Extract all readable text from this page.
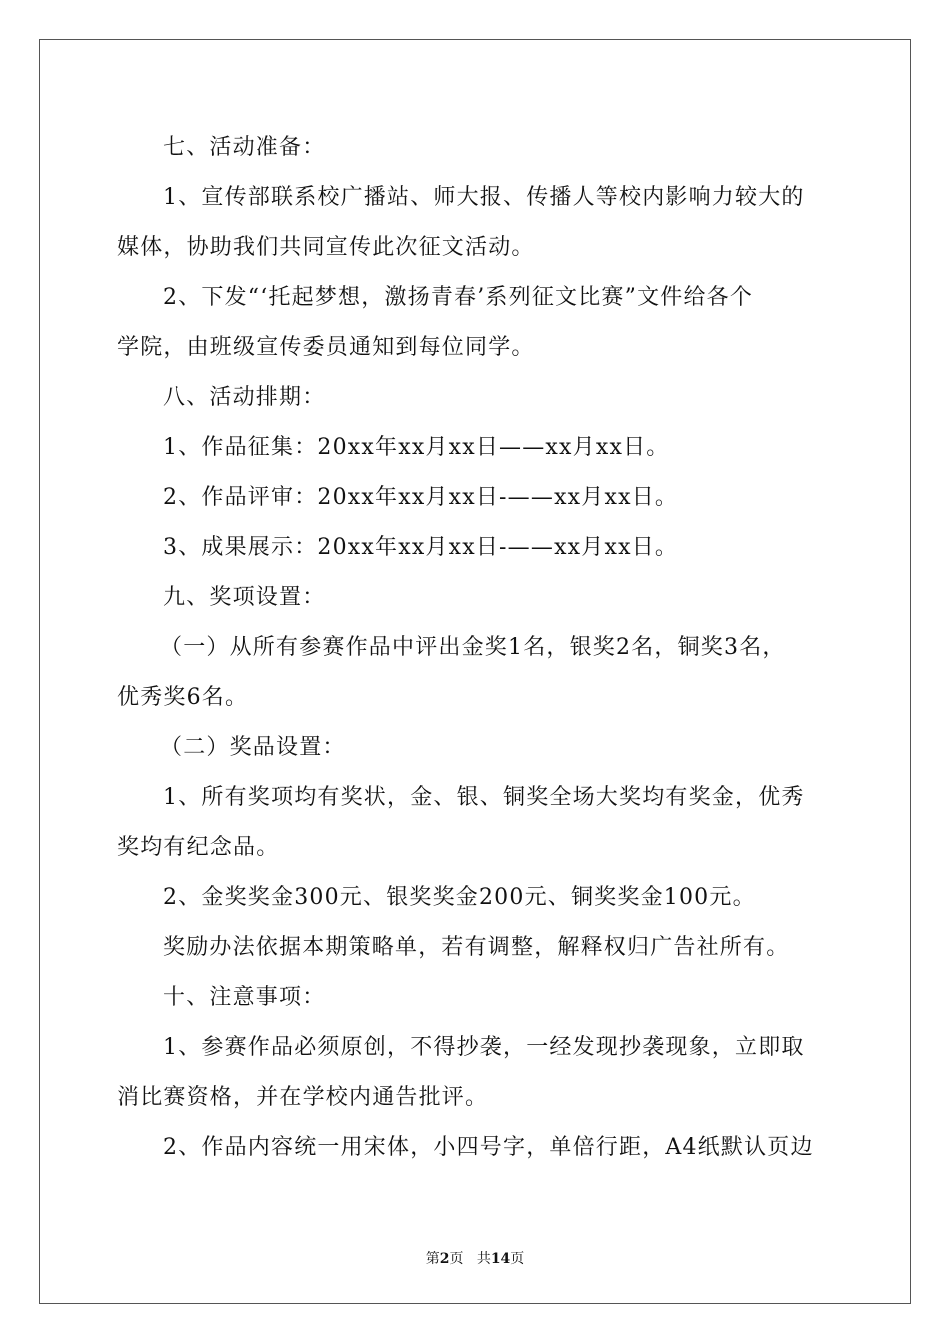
七、活动准备：

1、宣传部联系校广播站、师大报、传播人等校内影响力较大的

媒体，协助我们共同宣传此次征文活动。

2、下发“‘托起梦想，激扬青春’系列征文比赛”文件给各个

学院，由班级宣传委员通知到每位同学。

八、活动排期：

1、作品征集：20xx年xx月xx日——xx月xx日。

2、作品评审：20xx年xx月xx日-——xx月xx日。

3、成果展示：20xx年xx月xx日-——xx月xx日。

九、奖项设置：

（一）从所有参赛作品中评出金奖1名，银奖2名，铜奖3名，

优秀奖6名。

（二）奖品设置：

1、所有奖项均有奖状，金、银、铜奖全场大奖均有奖金，优秀

奖均有纪念品。

2、金奖奖金300元、银奖奖金200元、铜奖奖金100元。

奖励办法依据本期策略单，若有调整，解释权归广告社所有。

十、注意事项：

1、参赛作品必须原创，不得抄袭，一经发现抄袭现象，立即取

消比赛资格，并在学校内通告批评。

2、作品内容统一用宋体，小四号字，单倍行距，A4纸默认页边

第2页 共14页
